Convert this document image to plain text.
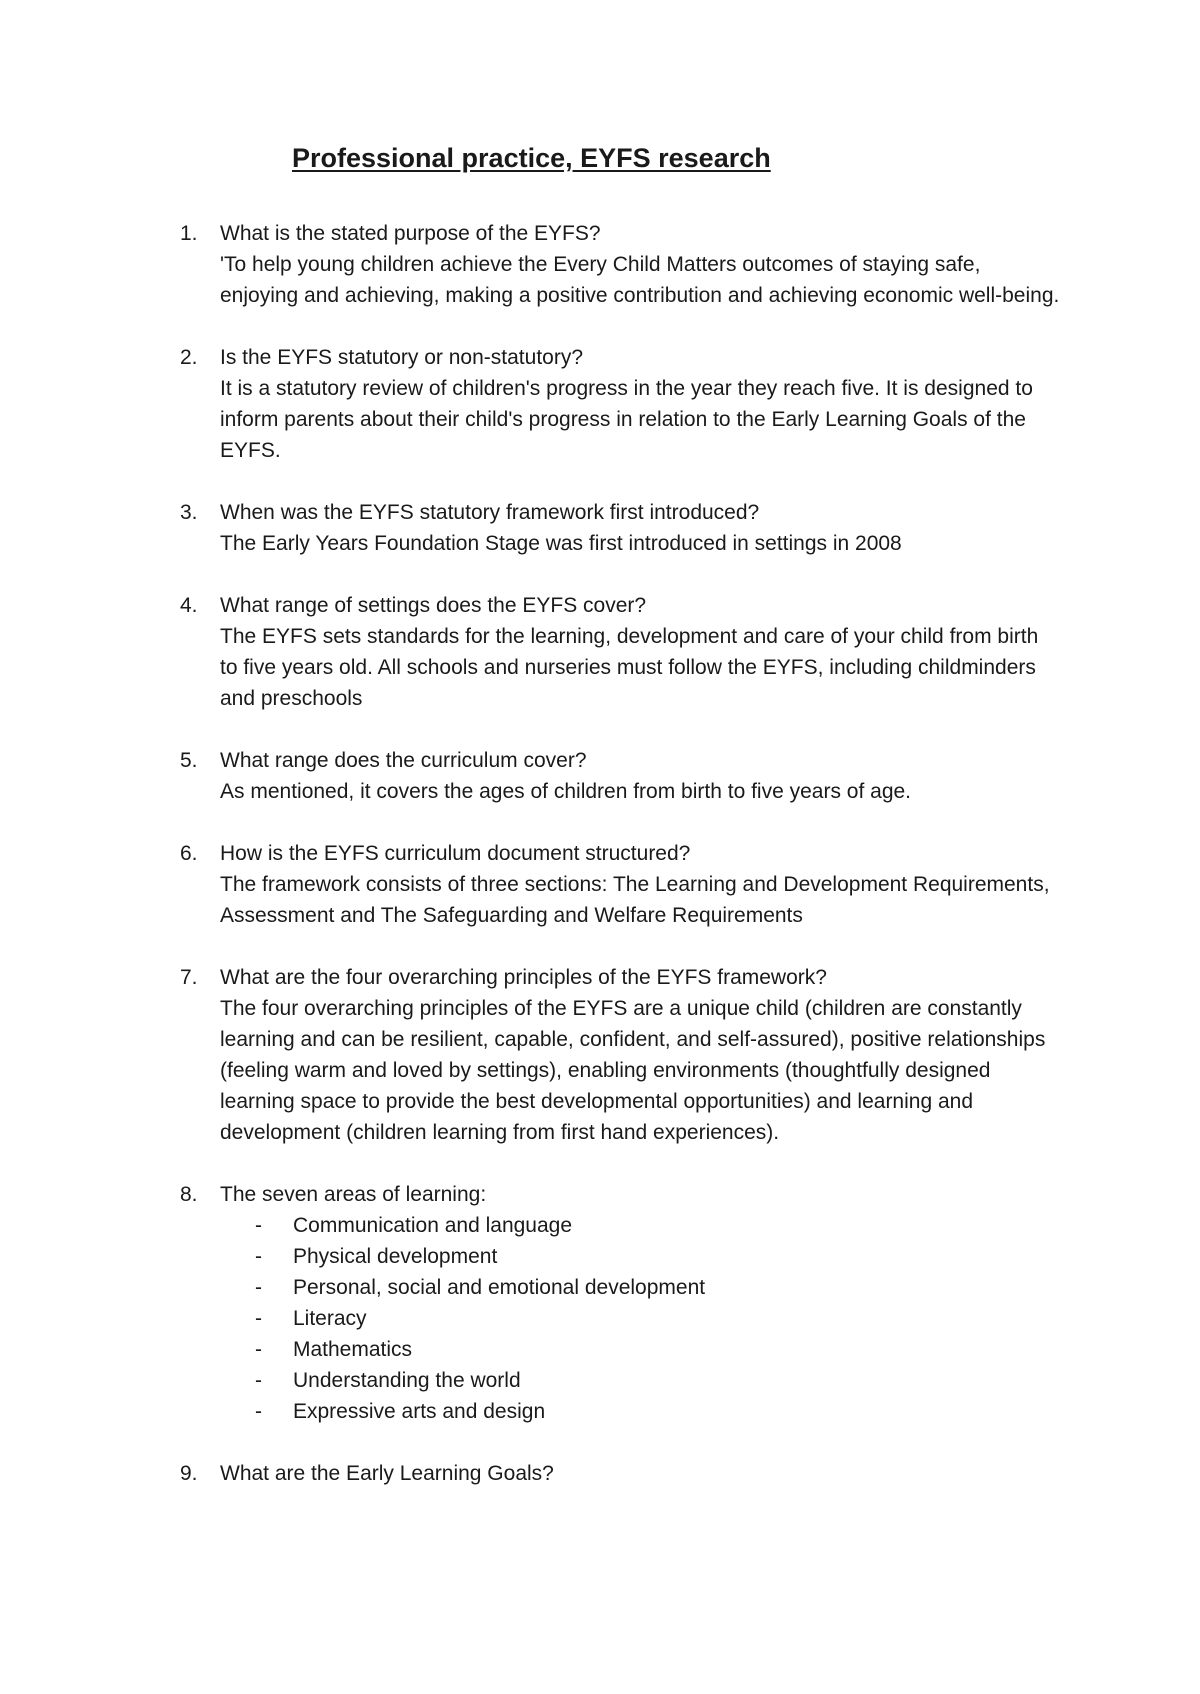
Professional practice, EYFS research
1. What is the stated purpose of the EYFS?
'To help young children achieve the Every Child Matters outcomes of staying safe, enjoying and achieving, making a positive contribution and achieving economic well-being.
2. Is the EYFS statutory or non-statutory?
It is a statutory review of children's progress in the year they reach five. It is designed to inform parents about their child's progress in relation to the Early Learning Goals of the EYFS.
3. When was the EYFS statutory framework first introduced?
The Early Years Foundation Stage was first introduced in settings in 2008
4. What range of settings does the EYFS cover?
The EYFS sets standards for the learning, development and care of your child from birth to five years old. All schools and nurseries must follow the EYFS, including childminders and preschools
5. What range does the curriculum cover?
As mentioned, it covers the ages of children from birth to five years of age.
6. How is the EYFS curriculum document structured?
The framework consists of three sections: The Learning and Development Requirements, Assessment and The Safeguarding and Welfare Requirements
7. What are the four overarching principles of the EYFS framework?
The four overarching principles of the EYFS are a unique child (children are constantly learning and can be resilient, capable, confident, and self-assured), positive relationships (feeling warm and loved by settings), enabling environments (thoughtfully designed learning space to provide the best developmental opportunities) and learning and development (children learning from first hand experiences).
8. The seven areas of learning:
- Communication and language
- Physical development
- Personal, social and emotional development
- Literacy
- Mathematics
- Understanding the world
- Expressive arts and design
9. What are the Early Learning Goals?
